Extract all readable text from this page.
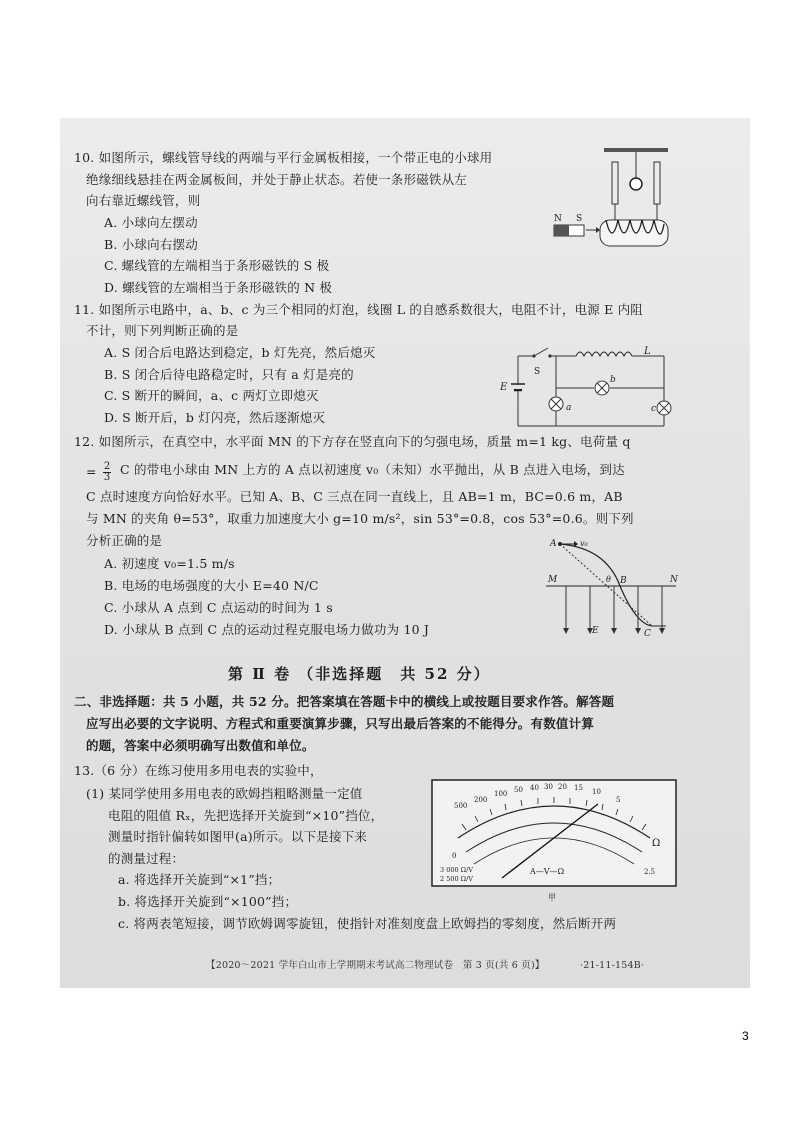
10. 如图所示，螺线管导线的两端与平行金属板相接，一个带正电的小球用
绝缘细线悬挂在两金属板间，并处于静止状态。若使一条形磁铁从左
向右靠近螺线管，则
A. 小球向左摆动
B. 小球向右摆动
C. 螺线管的左端相当于条形磁铁的 S 极
D. 螺线管的左端相当于条形磁铁的 N 极
N S
11. 如图所示电路中，a、b、c 为三个相同的灯泡，线圈 L 的自感系数很大，电阻不计，电源 E 内阻
不计，则下列判断正确的是
A. S 闭合后电路达到稳定，b 灯先亮，然后熄灭
B. S 闭合后待电路稳定时，只有 a 灯是亮的
C. S 断开的瞬间，a、c 两灯立即熄灭
D. S 断开后，b 灯闪亮，然后逐渐熄灭
L
S
E
a
b
c
12. 如图所示，在真空中，水平面 MN 的下方存在竖直向下的匀强电场，质量 m=1 kg、电荷量 q
= $\frac{2}{3}$ C 的带电小球由 MN 上方的 A 点以初速度 v₀（未知）水平抛出，从 B 点进入电场，到达
C 点时速度方向恰好水平。已知 A、B、C 三点在同一直线上，且 AB=1 m，BC=0.6 m，AB
与 MN 的夹角 θ=53°，取重力加速度大小 g=10 m/s²，sin 53°=0.8，cos 53°=0.6。则下列
分析正确的是
A. 初速度 v₀=1.5 m/s
B. 电场的电场强度的大小 E=40 N/C
C. 小球从 A 点到 C 点运动的时间为 1 s
D. 小球从 B 点到 C 点的运动过程克服电场力做功为 10 J
A	v₀
M	N
B
θ
C
E
第 Ⅱ 卷 （非选择题　共 52 分）
二、非选择题：共 5 小题，共 52 分。把答案填在答题卡中的横线上或按题目要求作答。解答题
应写出必要的文字说明、方程式和重要演算步骤，只写出最后答案的不能得分。有数值计算
的题，答案中必须明确写出数值和单位。
13.（6 分）在练习使用多用电表的实验中，
(1) 某同学使用多用电表的欧姆挡粗略测量一定值
电阻的阻值 Rₓ，先把选择开关旋到“×10”挡位，
测量时指针偏转如图甲(a)所示。以下是接下来
的测量过程：
a. 将选择开关旋到“×1”挡；
b. 将选择开关旋到“×100”挡；
c. 将两表笔短接，调节欧姆调零旋钮，使指针对准刻度盘上欧姆挡的零刻度，然后断开两
500
200
100 50 40 30 20 15 10
5
Ω
A—V—Ω
3 000 Ω/V
2 500 Ω/V
0
2.5
甲
【2020～2021 学年白山市上学期期末考试高二物理试卷　第 3 页(共 6 页)】	·21-11-154B·
3
